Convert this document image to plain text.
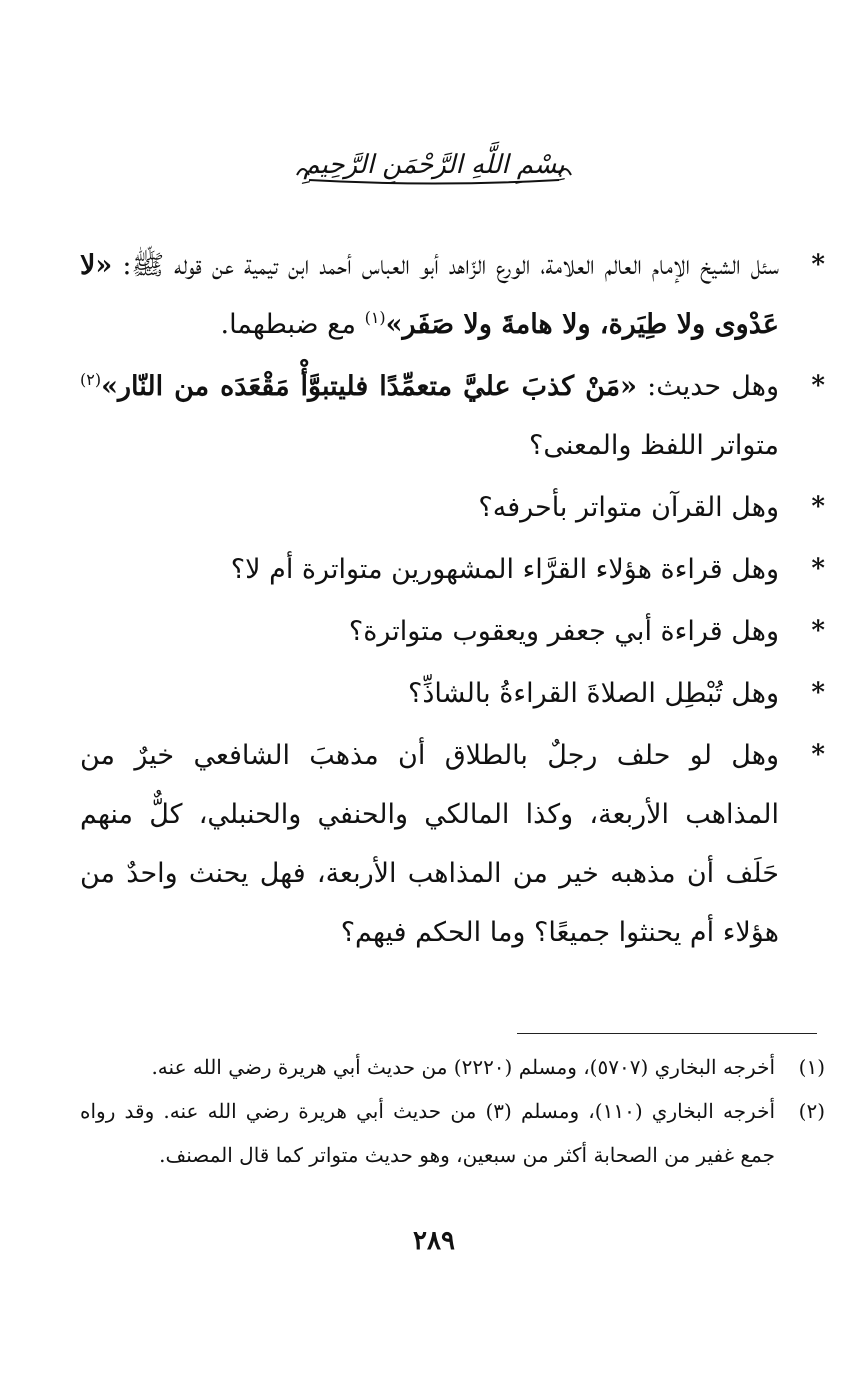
بِسْمِ اللَّهِ الرَّحْمَنِ الرَّحِيمِ

*
سئل الشيخ الإمام العالم العلامة، الورع الزّاهد أبو العباس أحمد ابن تيمية عن قوله ﷺ: «لا عَدْوى ولا طِيَرة، ولا هامةَ ولا صَفَر»$^{(١)}$ مع ضبطهما.

*
وهل حديث: «مَنْ كذبَ عليَّ متعمِّدًا فليتبوَّأْ مَقْعَدَه من النّار»$^{(٢)}$ متواتر اللفظ والمعنى؟

*
وهل القرآن متواتر بأحرفه؟

*
وهل قراءة هؤلاء القرَّاء المشهورين متواترة أم لا؟

*
وهل قراءة أبي جعفر ويعقوب متواترة؟

*
وهل تُبْطِل الصلاةَ القراءةُ بالشاذِّ؟

*
وهل لو حلف رجلٌ بالطلاق أن مذهبَ الشافعي خيرٌ من المذاهب الأربعة، وكذا المالكي والحنفي والحنبلي، كلٌّ منهم حَلَف أن مذهبه خير من المذاهب الأربعة، فهل يحنث واحدٌ من هؤلاء أم يحنثوا جميعًا؟ وما الحكم فيهم؟

(١)
أخرجه البخاري (٥٧٠٧)، ومسلم (٢٢٢٠) من حديث أبي هريرة رضي الله عنه.

(٢)
أخرجه البخاري (١١٠)، ومسلم (٣) من حديث أبي هريرة رضي الله عنه. وقد رواه جمع غفير من الصحابة أكثر من سبعين، وهو حديث متواتر كما قال المصنف.

٢٨٩
